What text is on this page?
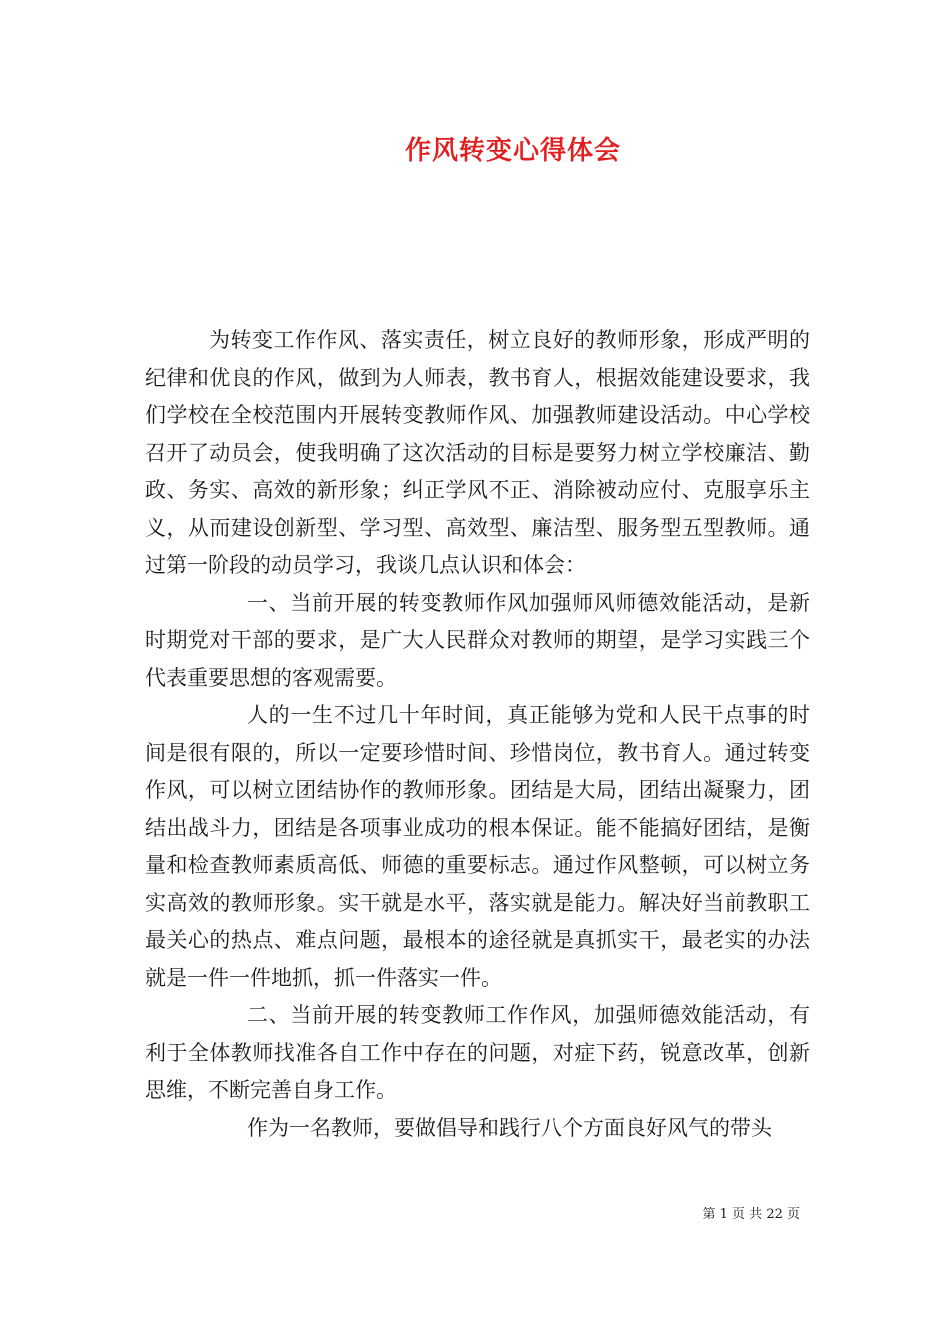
作风转变心得体会

为转变工作作风、落实责任，树立良好的教师形象，形成严明的纪律和优良的作风，做到为人师表，教书育人，根据效能建设要求，我们学校在全校范围内开展转变教师作风、加强教师建设活动。中心学校召开了动员会，使我明确了这次活动的目标是要努力树立学校廉洁、勤政、务实、高效的新形象；纠正学风不正、消除被动应付、克服享乐主义，从而建设创新型、学习型、高效型、廉洁型、服务型五型教师。通过第一阶段的动员学习，我谈几点认识和体会：

一、当前开展的转变教师作风加强师风师德效能活动，是新时期党对干部的要求，是广大人民群众对教师的期望，是学习实践三个代表重要思想的客观需要。

人的一生不过几十年时间，真正能够为党和人民干点事的时间是很有限的，所以一定要珍惜时间、珍惜岗位，教书育人。通过转变作风，可以树立团结协作的教师形象。团结是大局，团结出凝聚力，团结出战斗力，团结是各项事业成功的根本保证。能不能搞好团结，是衡量和检查教师素质高低、师德的重要标志。通过作风整顿，可以树立务实高效的教师形象。实干就是水平，落实就是能力。解决好当前教职工最关心的热点、难点问题，最根本的途径就是真抓实干，最老实的办法就是一件一件地抓，抓一件落实一件。

二、当前开展的转变教师工作作风，加强师德效能活动，有利于全体教师找准各自工作中存在的问题，对症下药，锐意改革，创新思维，不断完善自身工作。

作为一名教师，要做倡导和践行八个方面良好风气的带头

第 1 页 共 22 页
